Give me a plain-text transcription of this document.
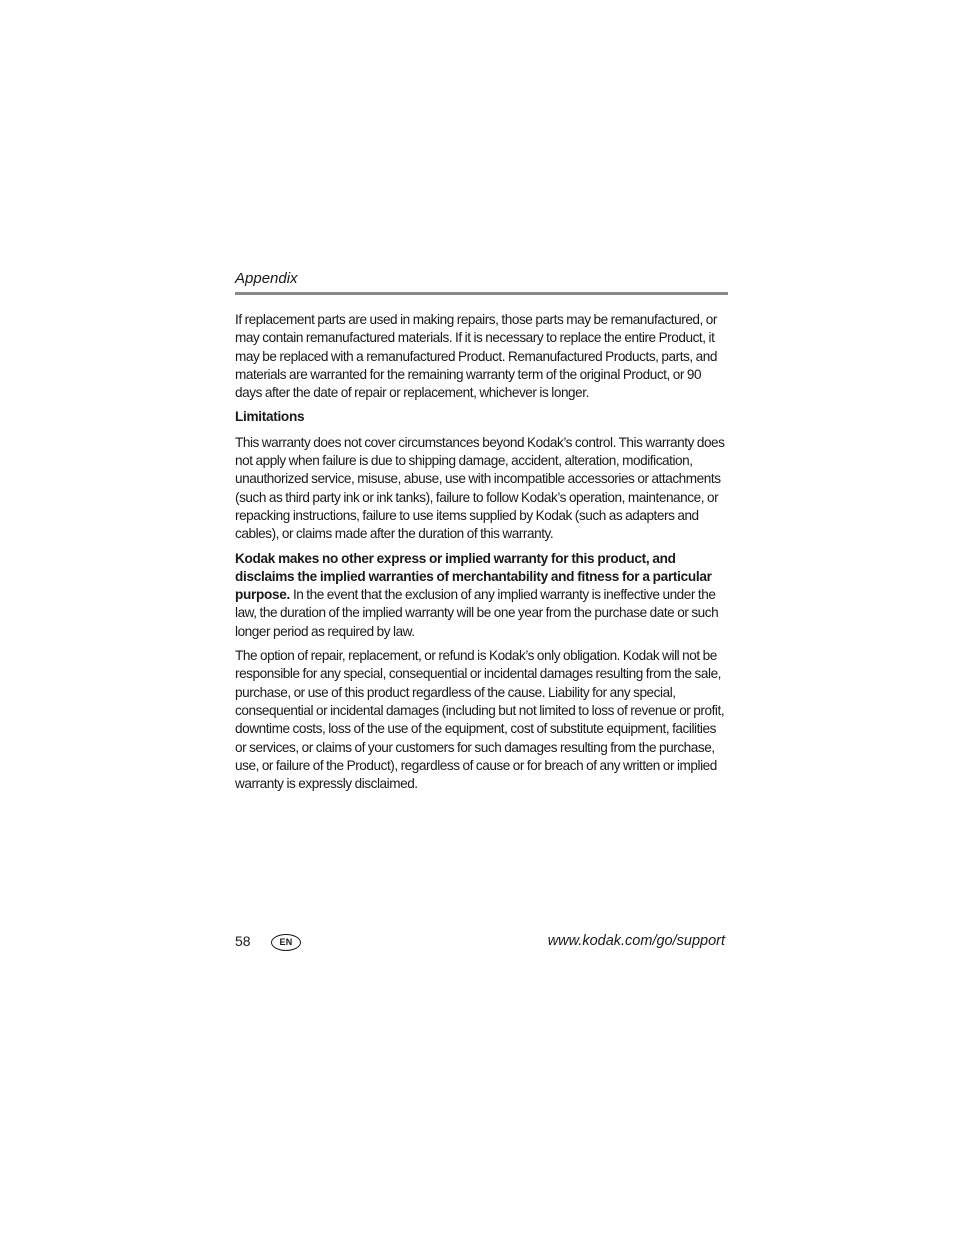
Appendix

If replacement parts are used in making repairs, those parts may be remanufactured, or may contain remanufactured materials. If it is necessary to replace the entire Product, it may be replaced with a remanufactured Product. Remanufactured Products, parts, and materials are warranted for the remaining warranty term of the original Product, or 90 days after the date of repair or replacement, whichever is longer.

Limitations

This warranty does not cover circumstances beyond Kodak’s control. This warranty does not apply when failure is due to shipping damage, accident, alteration, modification, unauthorized service, misuse, abuse, use with incompatible accessories or attachments (such as third party ink or ink tanks), failure to follow Kodak’s operation, maintenance, or repacking instructions, failure to use items supplied by Kodak (such as adapters and cables), or claims made after the duration of this warranty.

Kodak makes no other express or implied warranty for this product, and disclaims the implied warranties of merchantability and fitness for a particular purpose. In the event that the exclusion of any implied warranty is ineffective under the law, the duration of the implied warranty will be one year from the purchase date or such longer period as required by law.

The option of repair, replacement, or refund is Kodak’s only obligation. Kodak will not be responsible for any special, consequential or incidental damages resulting from the sale, purchase, or use of this product regardless of the cause. Liability for any special, consequential or incidental damages (including but not limited to loss of revenue or profit, downtime costs, loss of the use of the equipment, cost of substitute equipment, facilities or services, or claims of your customers for such damages resulting from the purchase, use, or failure of the Product), regardless of cause or for breach of any written or implied warranty is expressly disclaimed.

58	EN	www.kodak.com/go/support
